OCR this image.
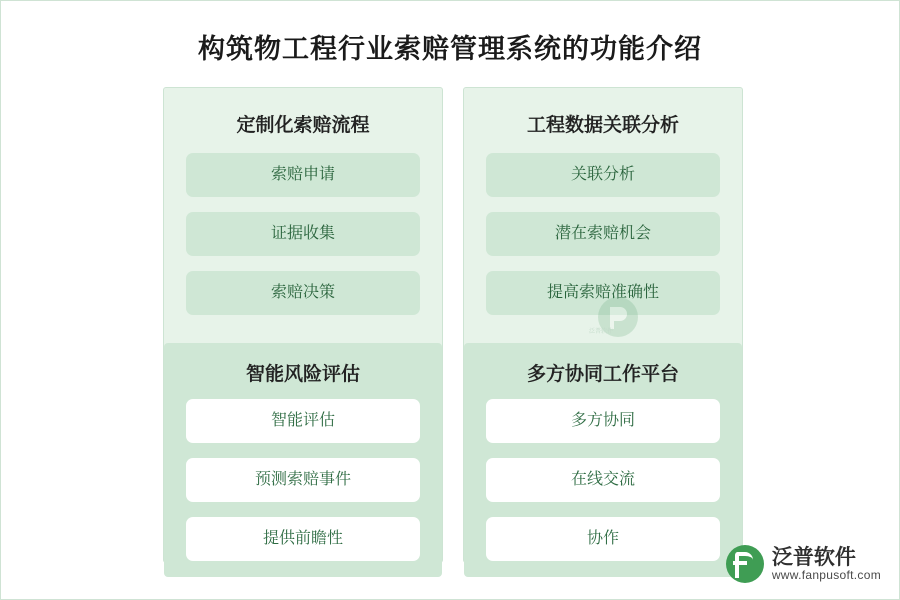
构筑物工程行业索赔管理系统的功能介绍
定制化索赔流程
索赔申请
证据收集
索赔决策
智能风险评估
智能评估
预测索赔事件
提供前瞻性
工程数据关联分析
关联分析
潜在索赔机会
提高索赔准确性
多方协同工作平台
多方协同
在线交流
协作
泛普软件
泛普软件
www.fanpusoft.com
